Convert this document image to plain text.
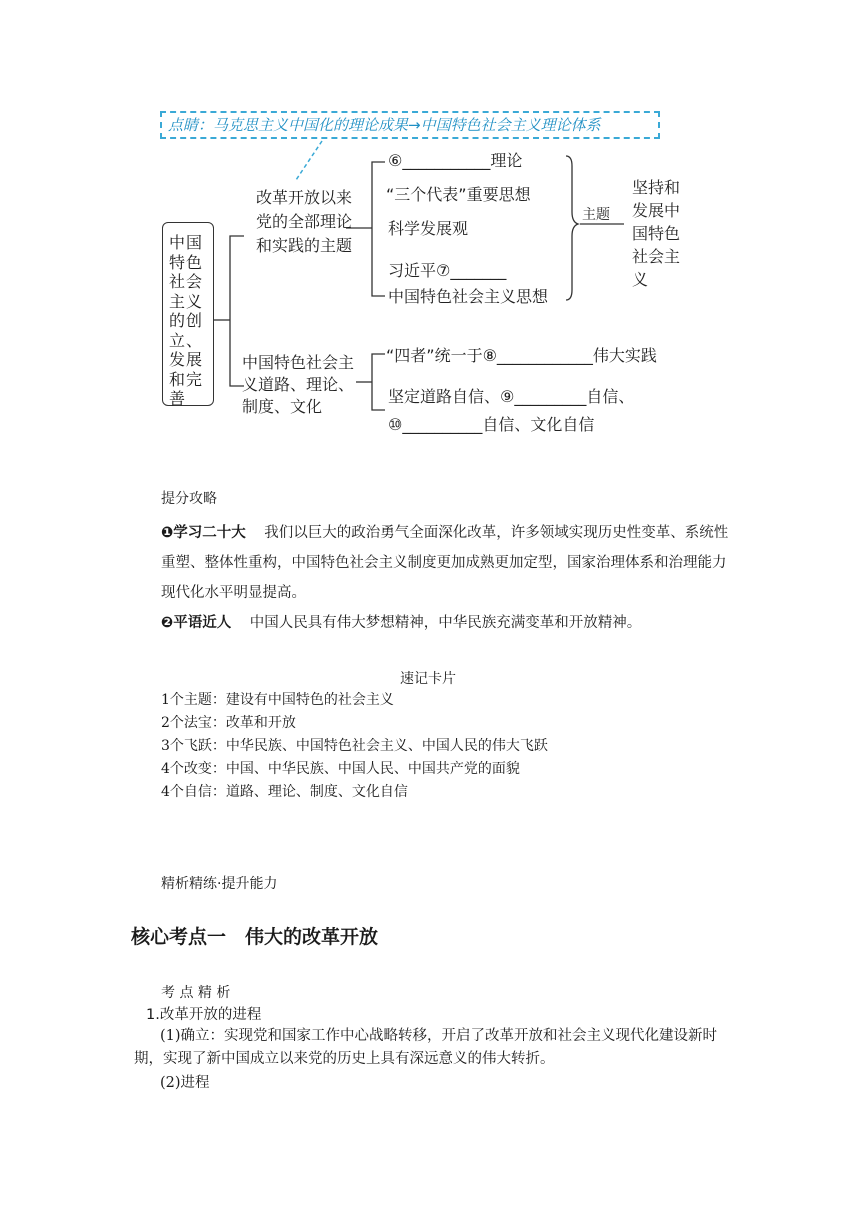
点睛：马克思主义中国化的理论成果→中国特色社会主义理论体系
中国特色社会主义的创立、发展和完善
改革开放以来党的全部理论和实践的主题
⑥___________理论
“三个代表”重要思想
科学发展观
习近平⑦_______
中国特色社会主义思想
主题
坚持和发展中国特色社会主义
中国特色社会主义道路、理论、制度、文化
“四者”统一于⑧____________伟大实践
坚定道路自信、⑨_________自信、
⑩__________自信、文化自信
提分攻略
❶学习二十大 我们以巨大的政治勇气全面深化改革，许多领域实现历史性变革、系统性重塑、整体性重构，中国特色社会主义制度更加成熟更加定型，国家治理体系和治理能力现代化水平明显提高。
❷平语近人 中国人民具有伟大梦想精神，中华民族充满变革和开放精神。
速记卡片
1个主题：建设有中国特色的社会主义
2个法宝：改革和开放
3个飞跃：中华民族、中国特色社会主义、中国人民的伟大飞跃
4个改变：中国、中华民族、中国人民、中国共产党的面貌
4个自信：道路、理论、制度、文化自信
精析精练·提升能力
核心考点一　伟大的改革开放
考 点 精 析
1.改革开放的进程
(1)确立：实现党和国家工作中心战略转移，开启了改革开放和社会主义现代化建设新时期，实现了新中国成立以来党的历史上具有深远意义的伟大转折。
(2)进程
